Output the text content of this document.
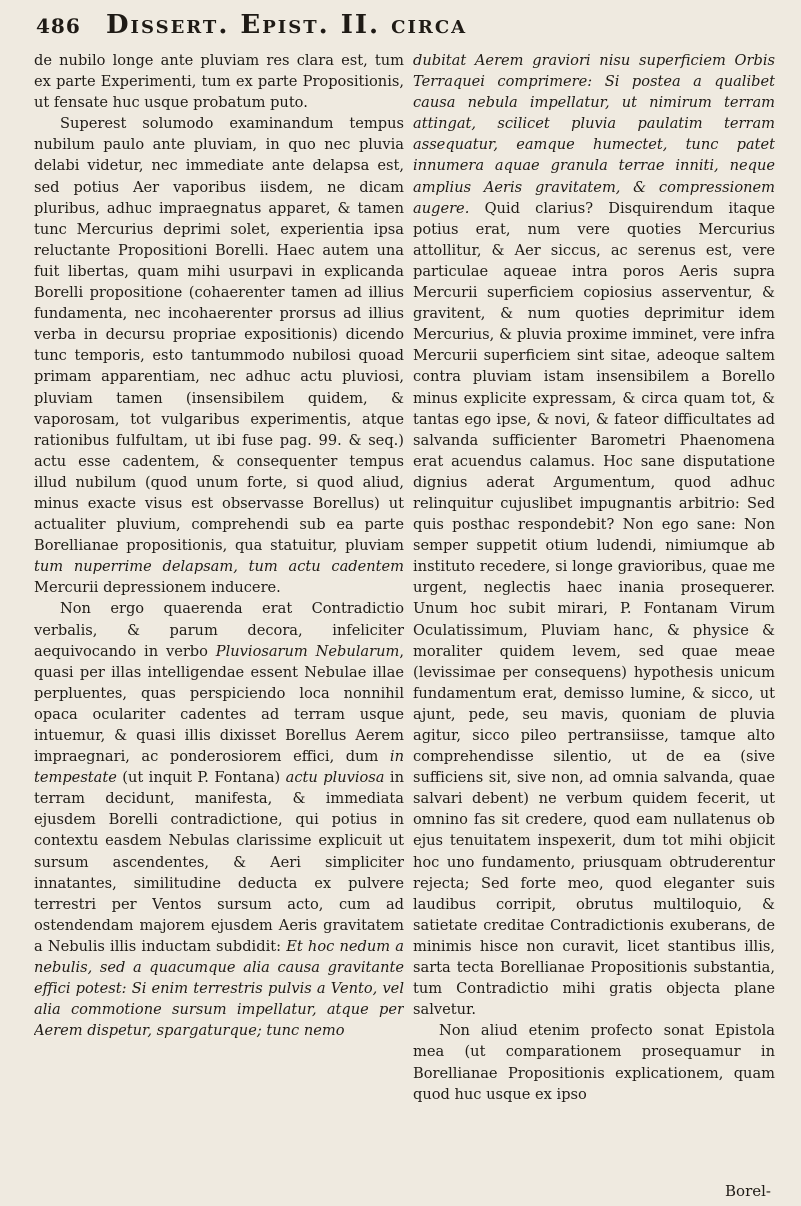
486 Dissert. Epist. II. circa

de nubilo longe ante pluviam res clara est, tum ex parte Experimenti, tum ex parte Propositionis, ut fensate huc usque probatum puto.

Superest solumodo examinandum tempus nubilum paulo ante pluviam, in quo nec pluvia delabi videtur, nec immediate ante delapsa est, sed potius Aer vaporibus iisdem, ne dicam pluribus, adhuc impraegnatus apparet, & tamen tunc Mercurius deprimi solet, experientia ipsa reluctante Propositioni Borelli. Haec autem una fuit libertas, quam mihi usurpavi in explicanda Borelli propositione (cohaerenter tamen ad illius fundamenta, nec incohaerenter prorsus ad illius verba in decursu propriae expositionis) dicendo tunc temporis, esto tantummodo nubilosi quoad primam apparentiam, nec adhuc actu pluviosi, pluviam tamen (insensibilem quidem, & vaporosam, tot vulgaribus experimentis, atque rationibus fulfultam, ut ibi fuse pag. 99. & seq.) actu esse cadentem, & consequenter tempus illud nubilum (quod unum forte, si quod aliud, minus exacte visus est observasse Borellus) ut actualiter pluvium, comprehendi sub ea parte Borellianae propositionis, qua statuitur, pluviam tum nuperrime delapsam, tum actu cadentem Mercurii depressionem inducere.

Non ergo quaerenda erat Contradictio verbalis, & parum decora, infeliciter aequivocando in verbo Pluviosarum Nebularum, quasi per illas intelligendae essent Nebulae illae perpluentes, quas perspiciendo loca nonnihil opaca ocu​lariter cadentes ad terram usque intuemur, & quasi illis dixisset Borellus Aerem impraegnari, ac ponderosiorem effici, dum in tempestate (ut inquit P. Fontana) actu pluviosa in terram decidunt, manifesta, & immediata ejusdem Borelli contradictione, qui potius in contextu easdem Nebulas clarissime explicuit ut sursum ascendentes, & Aeri simpliciter innatantes, similitudine deducta ex pulvere terrestri per Ventos sursum acto, cum ad ostendendam majorem ejusdem Aeris gravitatem a Nebulis illis inductam subdidit: Et hoc nedum a nebulis, sed a quacumque alia causa gravitante effici potest: Si enim terrestris pulvis a Vento, vel alia commotione sursum impellatur, atque per Aerem dispetur, spargaturque; tunc nemo

dubitat Aerem graviori nisu superficiem Orbis Terraquei comprimere: Si postea a qualibet causa nebula impellatur, ut nimirum terram attingat, scilicet pluvia paulatim terram assequatur, eamque humectet, tunc patet innumera aquae granula terrae inniti, neque amplius Aeris gravitatem, & compressionem augere. Quid clarius? Disquirendum itaque potius erat, num vere quoties Mercurius attollitur, & Aer siccus, ac serenus est, vere particulae aqueae intra poros Aeris supra Mercurii superficiem copiosius asserventur, & gravitent, & num quoties deprimitur idem Mercurius, & pluvia proxime imminet, vere infra Mercurii superficiem sint sitae, adeoque saltem contra pluviam istam insensibilem a Borello minus explicite expressam, & circa quam tot, & tantas ego ipse, & novi, & fateor difficultates ad salvanda sufficienter Barometri Phaenomena erat acuendus calamus. Hoc sane disputatione dignius aderat Argumentum, quod adhuc relinquitur cujuslibet impugnantis arbitrio: Sed quis posthac respondebit? Non ego sane: Non semper suppetit otium ludendi, nimiumque ab instituto recedere, si longe gravioribus, quae me urgent, neglectis haec inania prosequerer. Unum hoc subit mirari, P. Fontanam Virum Oculatissimum, Pluviam hanc, & physice & moraliter quidem levem, sed quae meae (levissimae per consequens) hypothesis unicum fundamentum erat, demisso lumine, & sicco, ut ajunt, pede, seu mavis, quoniam de pluvia agitur, sicco pileo pertransiisse, tamque alto comprehendisse silentio, ut de ea (sive sufficiens sit, sive non, ad omnia salvanda, quae salvari debent) ne verbum quidem fecerit, ut omnino fas sit credere, quod eam nullatenus ob ejus tenuitatem inspexerit, dum tot mihi objicit hoc uno fundamento, priusquam obtruderentur rejecta; Sed forte meo, quod eleganter suis laudibus corripit, obrutus multiloquio, & satietate creditae Contradictionis exuberans, de minimis hisce non curavit, licet stantibus illis, sarta tecta Borellianae Propositionis substantia, tum Contradictio mihi gratis objecta plane salvetur.

Non aliud etenim profecto sonat Epistola mea (ut comparationem prosequamur in Borellianae Propositionis explicationem, quam quod huc usque ex ipso

Borel-
